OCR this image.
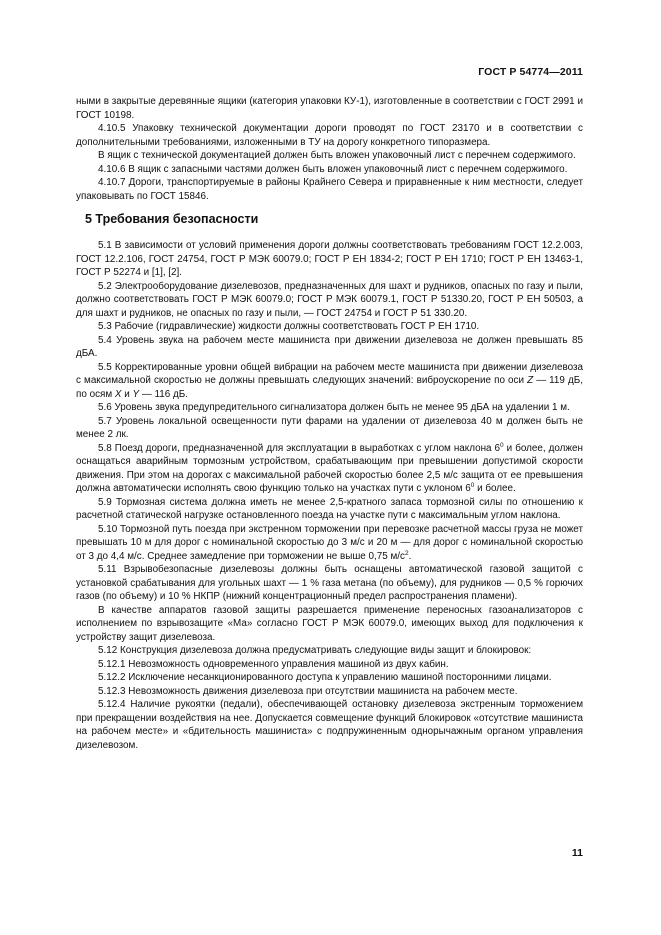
ГОСТ Р 54774—2011

ными в закрытые деревянные ящики (категория упаковки КУ-1), изготовленные в соответствии с ГОСТ 2991 и ГОСТ 10198.

4.10.5 Упаковку технической документации дороги проводят по ГОСТ 23170 и в соответствии с дополнительными требованиями, изложенными в ТУ на дорогу конкретного типоразмера.

В ящик с технической документацией должен быть вложен упаковочный лист с перечнем содержимого.

4.10.6 В ящик с запасными частями должен быть вложен упаковочный лист с перечнем содержимого.

4.10.7 Дороги, транспортируемые в районы Крайнего Севера и приравненные к ним местности, следует упаковывать по ГОСТ 15846.

5 Требования безопасности

5.1 В зависимости от условий применения дороги должны соответствовать требованиям ГОСТ 12.2.003, ГОСТ 12.2.106, ГОСТ 24754, ГОСТ Р МЭК 60079.0; ГОСТ Р ЕН 1834-2; ГОСТ Р ЕН 1710; ГОСТ Р ЕН 13463-1, ГОСТ Р 52274 и [1], [2].

5.2 Электрооборудование дизелевозов, предназначенных для шахт и рудников, опасных по газу и пыли, должно соответствовать ГОСТ Р МЭК 60079.0; ГОСТ Р МЭК 60079.1, ГОСТ Р 51330.20, ГОСТ Р ЕН 50503, а для шахт и рудников, не опасных по газу и пыли, — ГОСТ 24754 и ГОСТ Р 51 330.20.

5.3 Рабочие (гидравлические) жидкости должны соответствовать ГОСТ Р ЕН 1710.

5.4 Уровень звука на рабочем месте машиниста при движении дизелевоза не должен превышать 85 дБА.

5.5 Корректированные уровни общей вибрации на рабочем месте машиниста при движении дизелевоза с максимальной скоростью не должны превышать следующих значений: виброускорение по оси Z — 119 дБ, по осям X и Y — 116 дБ.

5.6 Уровень звука предупредительного сигнализатора должен быть не менее 95 дБА на удалении 1 м.

5.7 Уровень локальной освещенности пути фарами на удалении от дизелевоза 40 м должен быть не менее 2 лк.

5.8 Поезд дороги, предназначенной для эксплуатации в выработках с углом наклона $6^0$ и более, должен оснащаться аварийным тормозным устройством, срабатывающим при превышении допустимой скорости движения. При этом на дорогах с максимальной рабочей скоростью более 2,5 м/с защита от ее превышения должна автоматически исполнять свою функцию только на участках пути с уклоном $6^0$ и более.

5.9 Тормозная система должна иметь не менее 2,5-кратного запаса тормозной силы по отношению к расчетной статической нагрузке остановленного поезда на участке пути с максимальным углом наклона.

5.10 Тормозной путь поезда при экстренном торможении при перевозке расчетной массы груза не может превышать 10 м для дорог с номинальной скоростью до 3 м/с и 20 м — для дорог с номинальной скоростью от 3 до 4,4 м/с. Среднее замедление при торможении не выше 0,75 $м/с^2$.

5.11 Взрывобезопасные дизелевозы должны быть оснащены автоматической газовой защитой с установкой срабатывания для угольных шахт — 1 % газа метана (по объему), для рудников — 0,5 % горючих газов (по объему) и 10 % НКПР (нижний концентрационный предел распространения пламени).

В качестве аппаратов газовой защиты разрешается применение переносных газоанализаторов с исполнением по взрывозащите «Ма» согласно ГОСТ Р МЭК 60079.0, имеющих выход для подключения к устройству защит дизелевоза.

5.12 Конструкция дизелевоза должна предусматривать следующие виды защит и блокировок:

5.12.1 Невозможность одновременного управления машиной из двух кабин.

5.12.2 Исключение несанкционированного доступа к управлению машиной посторонними лицами.

5.12.3 Невозможность движения дизелевоза при отсутствии машиниста на рабочем месте.

5.12.4 Наличие рукоятки (педали), обеспечивающей остановку дизелевоза экстренным торможением при прекращении воздействия на нее. Допускается совмещение функций блокировок «отсутствие машиниста на рабочем месте» и «бдительность машиниста» с подпружиненным однорычажным органом управления дизелевозом.

11
